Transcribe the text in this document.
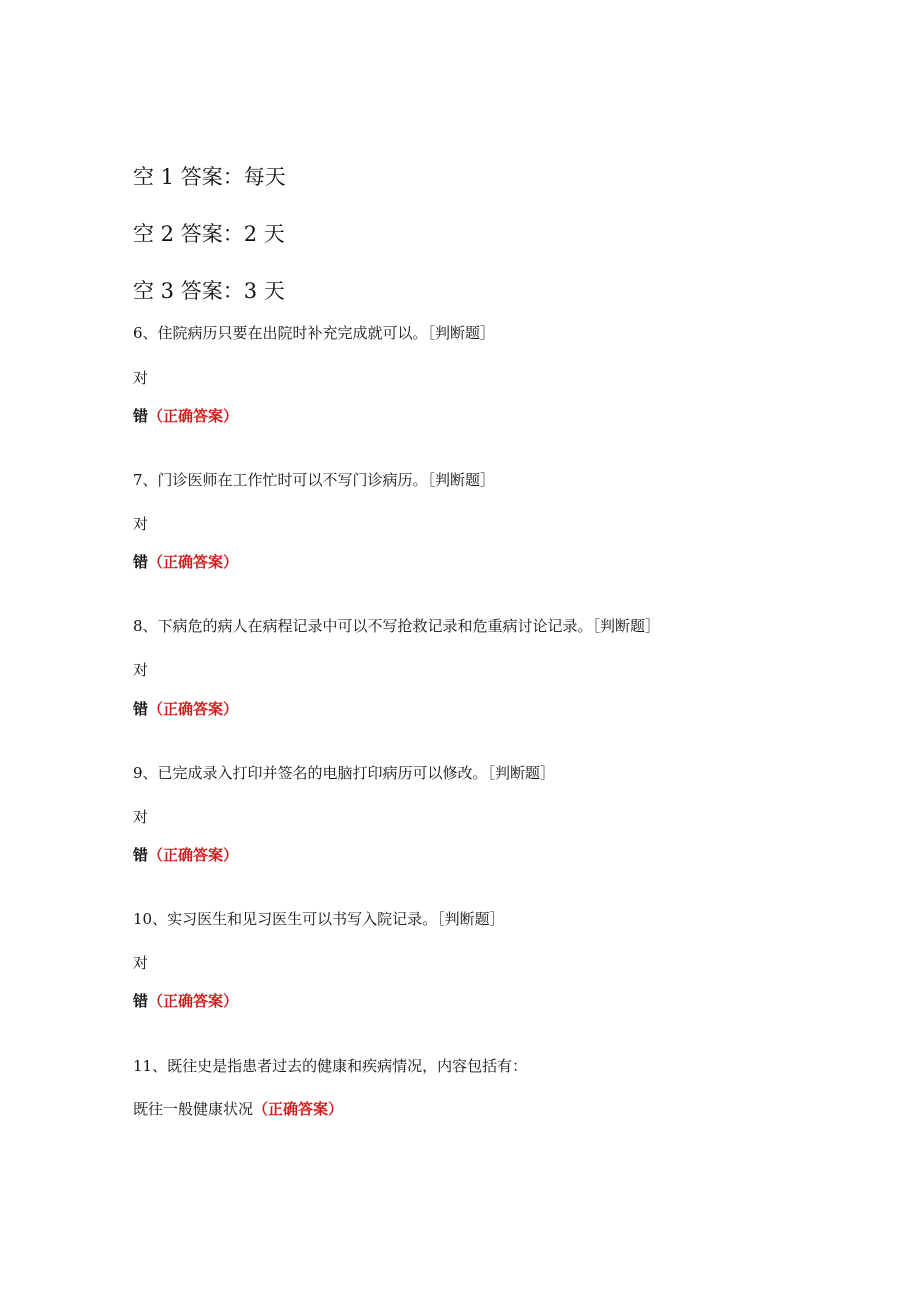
空 1 答案：每天
空 2 答案：2 天
空 3 答案：3 天
6、住院病历只要在出院时补充完成就可以。［判断题］
对
错（正确答案）
7、门诊医师在工作忙时可以不写门诊病历。［判断题］
对
错（正确答案）
8、下病危的病人在病程记录中可以不写抢救记录和危重病讨论记录。［判断题］
对
错（正确答案）
9、已完成录入打印并签名的电脑打印病历可以修改。［判断题］
对
错（正确答案）
10、实习医生和见习医生可以书写入院记录。［判断题］
对
错（正确答案）
11、既往史是指患者过去的健康和疾病情况，内容包括有：
既往一般健康状况（正确答案）
